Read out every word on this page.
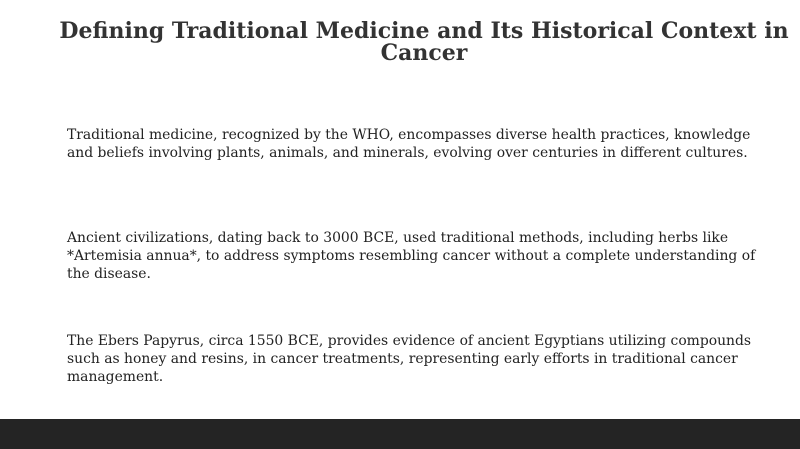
Defining Traditional Medicine and Its Historical Context in Cancer

Traditional medicine, recognized by the WHO, encompasses diverse health practices, knowledge and beliefs involving plants, animals, and minerals, evolving over centuries in different cultures.

Ancient civilizations, dating back to 3000 BCE, used traditional methods, including herbs like *Artemisia annua*, to address symptoms resembling cancer without a complete understanding of the disease.

The Ebers Papyrus, circa 1550 BCE, provides evidence of ancient Egyptians utilizing compounds such as honey and resins, in cancer treatments, representing early efforts in traditional cancer management.
